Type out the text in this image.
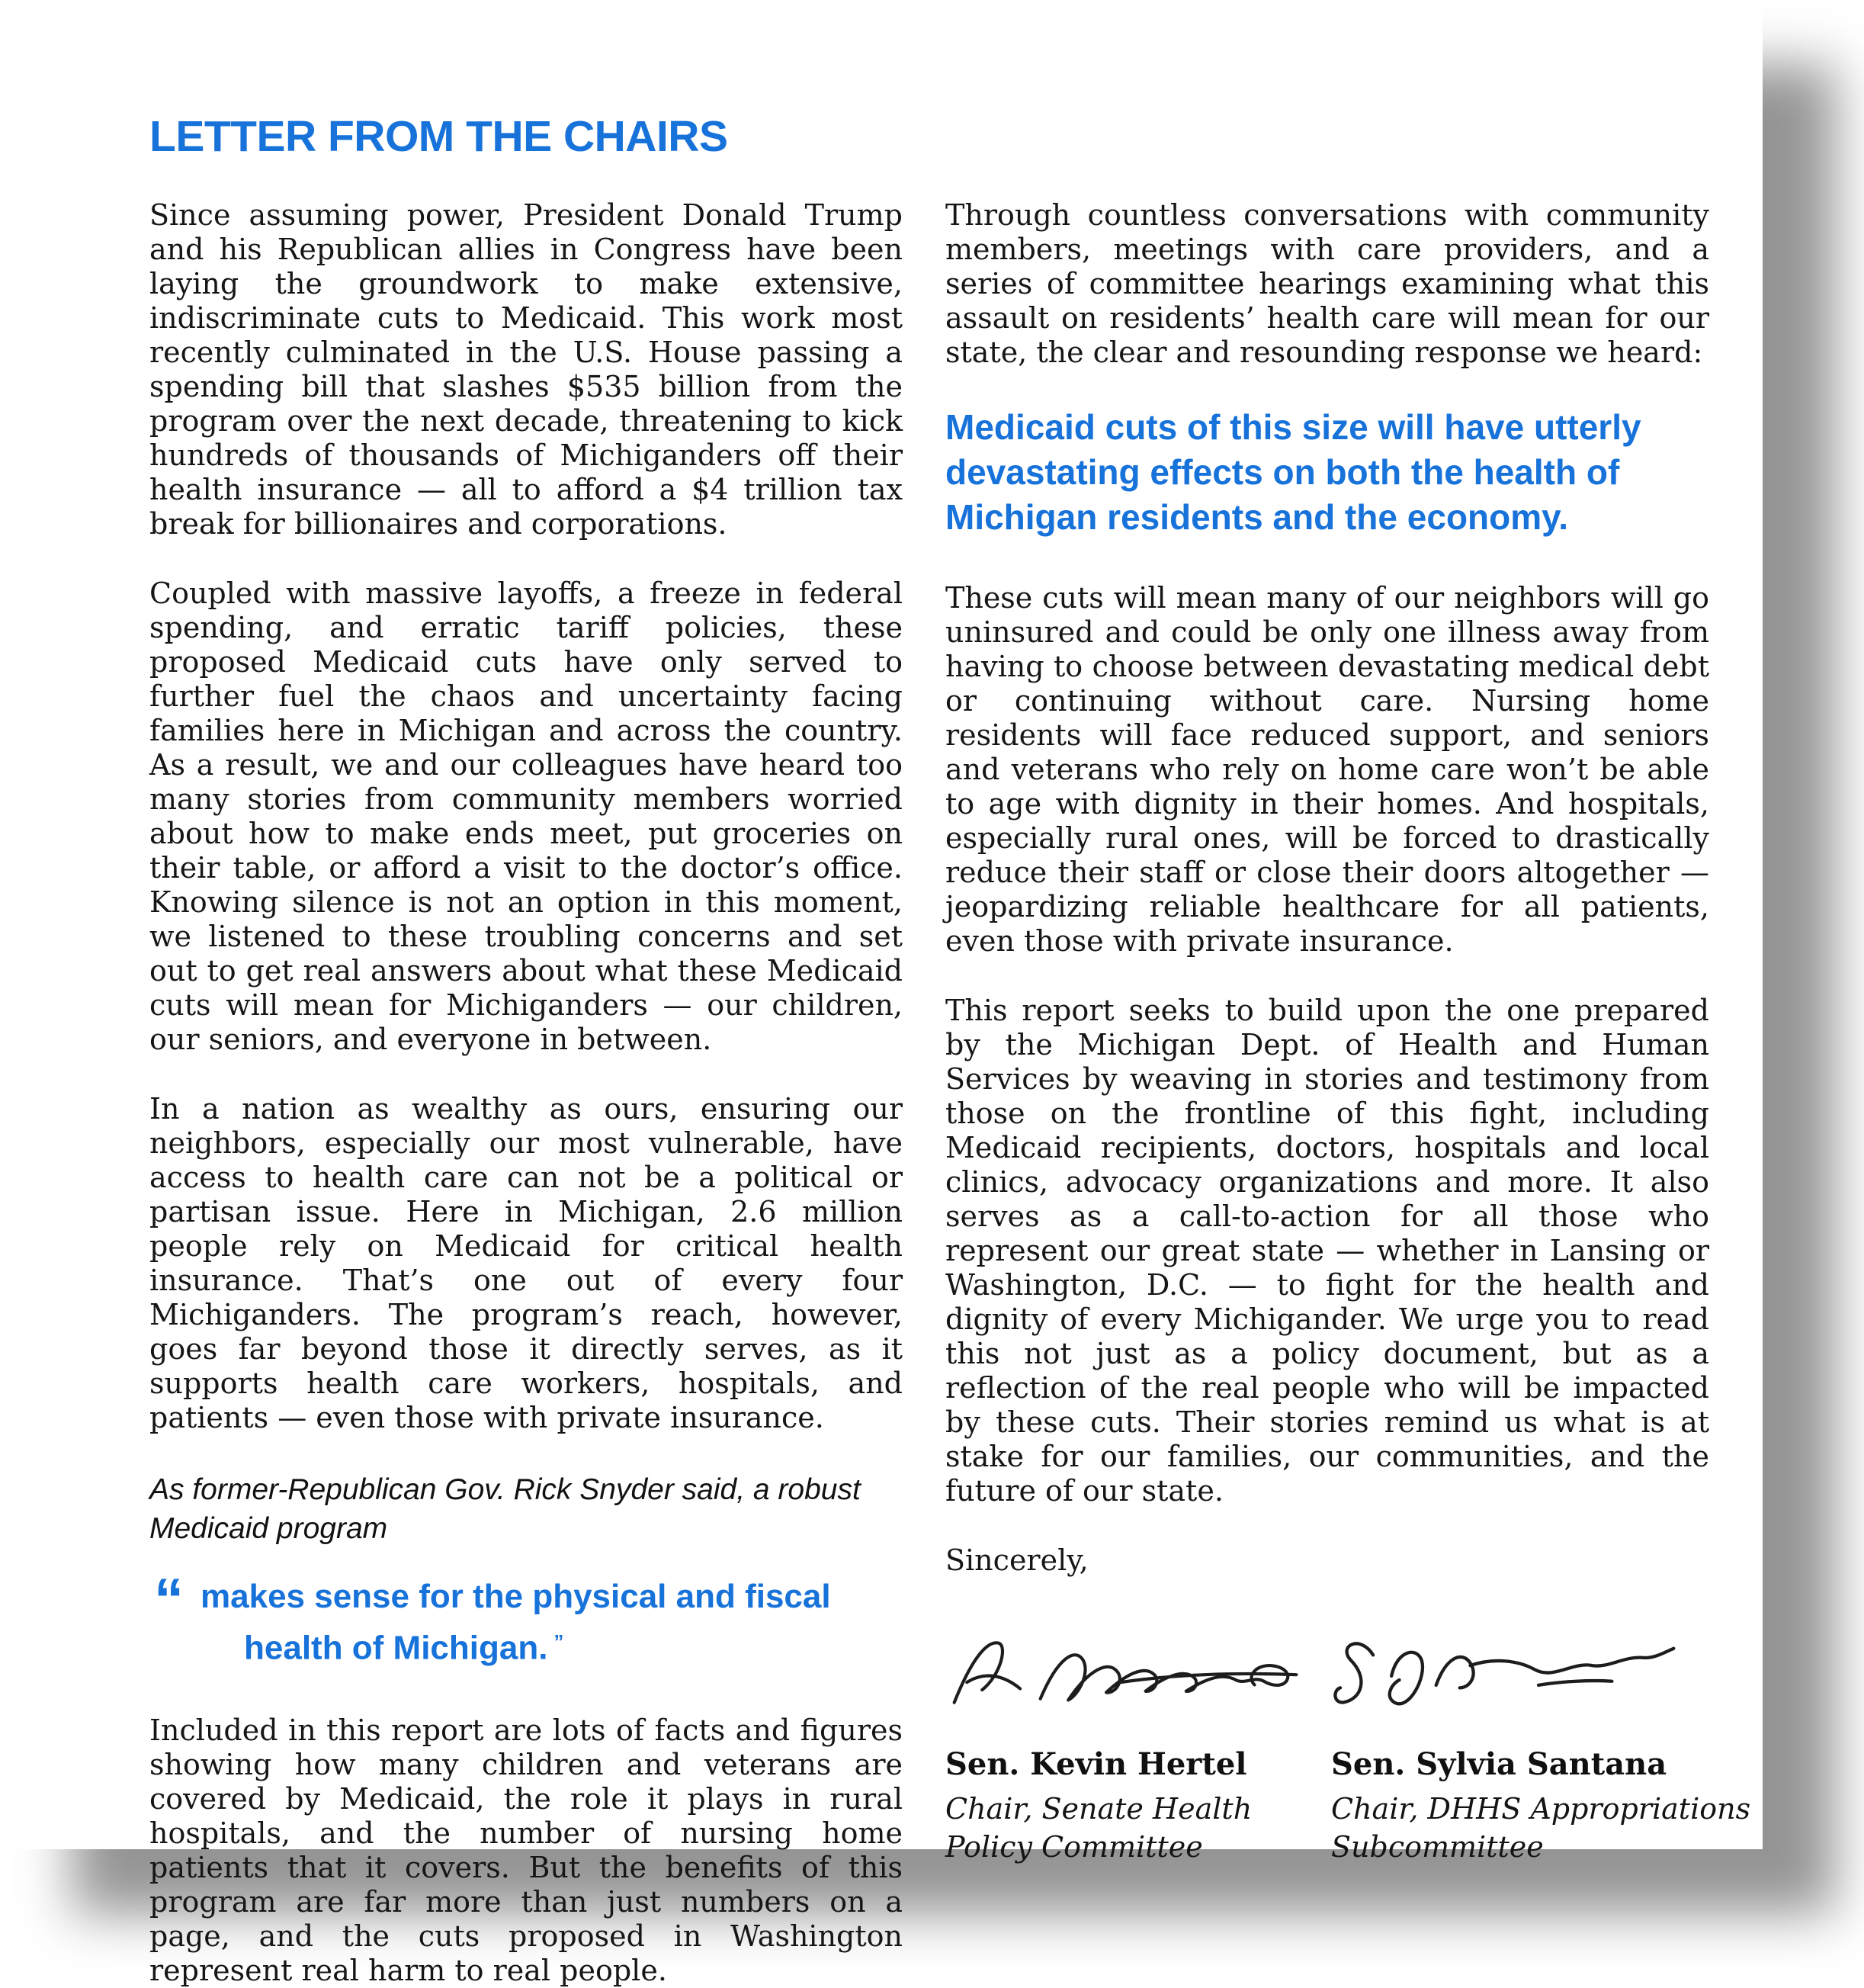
LETTER FROM THE CHAIRS

Since assuming power, President Donald Trump and his Republican allies in Congress have been laying the groundwork to make extensive, indiscriminate cuts to Medicaid. This work most recently culminated in the U.S. House passing a spending bill that slashes $535 billion from the program over the next decade, threatening to kick hundreds of thousands of Michiganders off their health insurance — all to afford a $4 trillion tax break for billionaires and corporations.

Coupled with massive layoffs, a freeze in federal spending, and erratic tariff policies, these proposed Medicaid cuts have only served to further fuel the chaos and uncertainty facing families here in Michigan and across the country. As a result, we and our colleagues have heard too many stories from community members worried about how to make ends meet, put groceries on their table, or afford a visit to the doctor’s office. Knowing silence is not an option in this moment, we listened to these troubling concerns and set out to get real answers about what these Medicaid cuts will mean for Michiganders — our children, our seniors, and everyone in between.

In a nation as wealthy as ours, ensuring our neighbors, especially our most vulnerable, have access to health care can not be a political or partisan issue. Here in Michigan, 2.6 million people rely on Medicaid for critical health insurance. That’s one out of every four Michiganders. The program’s reach, however, goes far beyond those it directly serves, as it supports health care workers, hospitals, and patients — even those with private insurance.

As former-Republican Gov. Rick Snyder said, a robust Medicaid program
“ makes sense for the physical and fiscal health of Michigan. ”

Included in this report are lots of facts and figures showing how many children and veterans are covered by Medicaid, the role it plays in rural hospitals, and the number of nursing home patients that it covers. But the benefits of this program are far more than just numbers on a page, and the cuts proposed in Washington represent real harm to real people.

Through countless conversations with community members, meetings with care providers, and a series of committee hearings examining what this assault on residents’ health care will mean for our state, the clear and resounding response we heard:

Medicaid cuts of this size will have utterly devastating effects on both the health of Michigan residents and the economy.

These cuts will mean many of our neighbors will go uninsured and could be only one illness away from having to choose between devastating medical debt or continuing without care. Nursing home residents will face reduced support, and seniors and veterans who rely on home care won’t be able to age with dignity in their homes. And hospitals, especially rural ones, will be forced to drastically reduce their staff or close their doors altogether — jeopardizing reliable healthcare for all patients, even those with private insurance.

This report seeks to build upon the one prepared by the Michigan Dept. of Health and Human Services by weaving in stories and testimony from those on the frontline of this fight, including Medicaid recipients, doctors, hospitals and local clinics, advocacy organizations and more. It also serves as a call-to-action for all those who represent our great state — whether in Lansing or Washington, D.C. — to fight for the health and dignity of every Michigander. We urge you to read this not just as a policy document, but as a reflection of the real people who will be impacted by these cuts. Their stories remind us what is at stake for our families, our communities, and the future of our state.

Sincerely,
Sen. Kevin Hertel
Chair, Senate Health
Policy Committee
Sen. Sylvia Santana
Chair, DHHS Appropriations
Subcommittee
